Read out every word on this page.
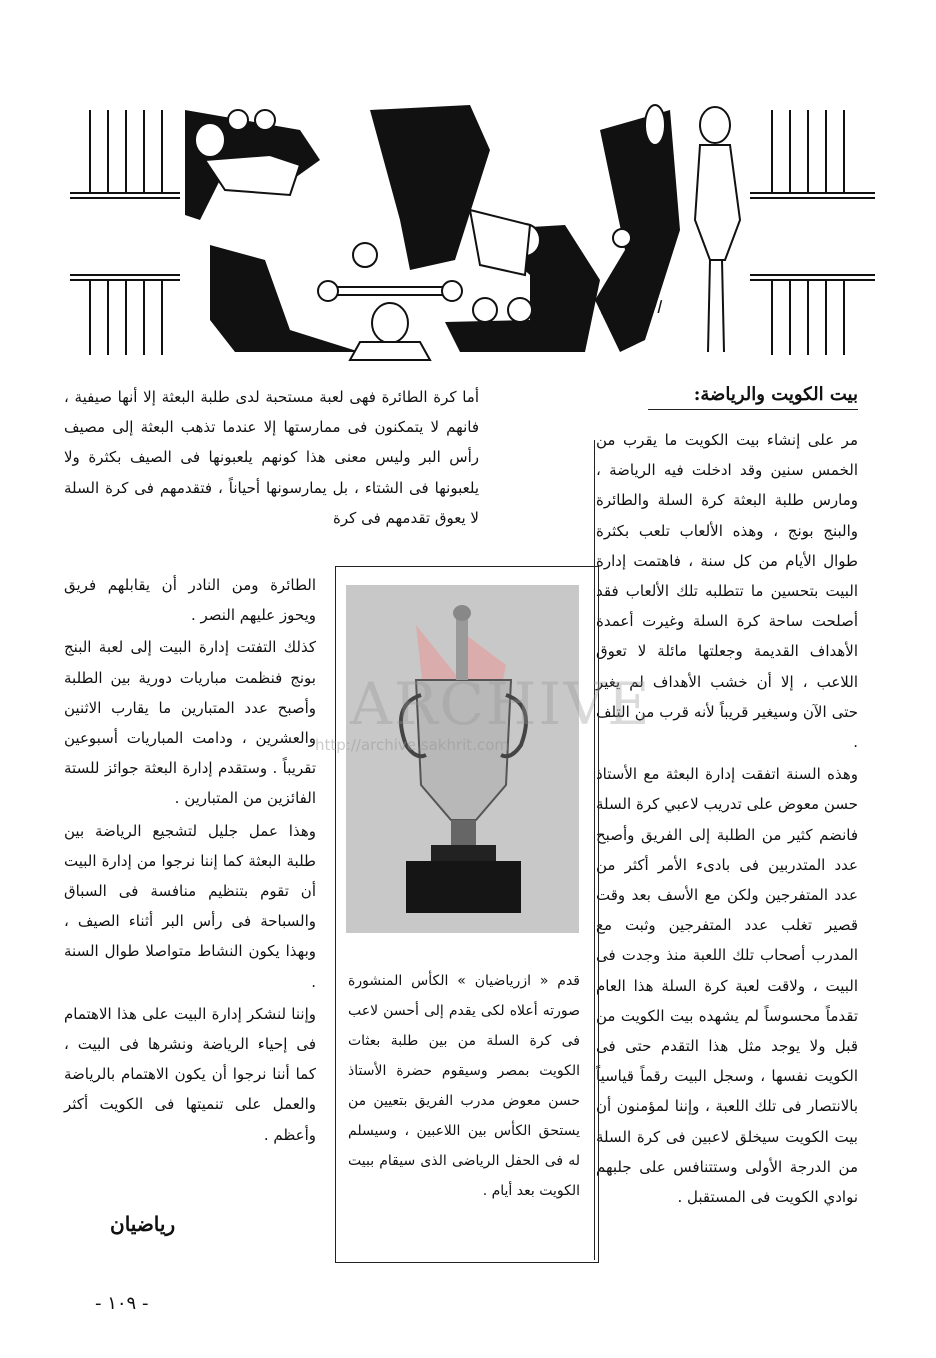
الأنصاري
بيت الكويت والرياضة:

مر على إنشاء بيت الكويت ما يقرب من الخمس سنين وقد ادخلت فيه الرياضة ، ومارس طلبة البعثة كرة السلة والطائرة والبنج بونج ، وهذه الألعاب تلعب بكثرة طوال الأيام من كل سنة ، فاهتمت إدارة البيت بتحسين ما تتطلبه تلك الألعاب فقد أصلحت ساحة كرة السلة وغيرت أعمدة الأهداف القديمة وجعلتها مائلة لا تعوق اللاعب ، إلا أن خشب الأهداف لم يغير حتى الآن وسيغير قريباً لأنه قرب من التلف .

وهذه السنة اتفقت إدارة البعثة مع الأستاذ حسن معوض على تدريب لاعبي كرة السلة فانضم كثير من الطلبة إلى الفريق وأصبح عدد المتدربين فى بادىء الأمر أكثر من عدد المتفرجين ولكن مع الأسف بعد وقت قصير تغلب عدد المتفرجين وثبت مع المدرب أصحاب تلك اللعبة منذ وجدت فى البيت ، ولاقت لعبة كرة السلة هذا العام تقدماً محسوساً لم يشهده بيت الكويت من قبل ولا يوجد مثل هذا التقدم حتى فى الكويت نفسها ، وسجل البيت رقماً قياسياً بالانتصار فى تلك اللعبة ، وإننا لمؤمنون أن بيت الكويت سيخلق لاعبين فى كرة السلة من الدرجة الأولى وستتنافس على جلبهم نوادي الكويت فى المستقبل .

أما كرة الطائرة فهى لعبة مستحبة لدى طلبة البعثة إلا أنها صيفية ، فانهم لا يتمكنون فى ممارستها إلا عندما تذهب البعثة إلى مصيف رأس البر وليس معنى هذا كونهم يلعبونها فى الصيف بكثرة ولا يلعبونها فى الشتاء ، بل يمارسونها أحياناً ، فتقدمهم فى كرة السلة لا يعوق تقدمهم فى كرة

الطائرة ومن النادر أن يقابلهم فريق ويحوز عليهم النصر .

كذلك التفتت إدارة البيت إلى لعبة البنج بونج فنظمت مباريات دورية بين الطلبة وأصبح عدد المتبارين ما يقارب الاثنين والعشرين ، ودامت المباريات أسبوعين تقريباً . وستقدم إدارة البعثة جوائز للستة الفائزين من المتبارين .

وهذا عمل جليل لتشجيع الرياضة بين طلبة البعثة كما إننا نرجوا من إدارة البيت أن تقوم بتنظيم منافسة فى السباق والسباحة فى رأس البر أثناء الصيف ، وبهذا يكون النشاط متواصلا طوال السنة .

وإننا لنشكر إدارة البيت على هذا الاهتمام فى إحياء الرياضة ونشرها فى البيت ، كما أننا نرجوا أن يكون الاهتمام بالرياضة والعمل على تنميتها فى الكويت أكثر وأعظم .

ARCHIVE
http://archive.sakhrit.com
قدم « ازرياضيان » الكأس المنشورة صورته أعلاه لكى يقدم إلى أحسن لاعب فى كرة السلة من بين طلبة بعثات الكويت بمصر وسيقوم حضرة الأستاذ حسن معوض مدرب الفريق بتعيين من يستحق الكأس بين اللاعبين ، وسيسلم له فى الحفل الرياضى الذى سيقام ببيت الكويت بعد أيام .
رياضيان
- ١٠٩ -
